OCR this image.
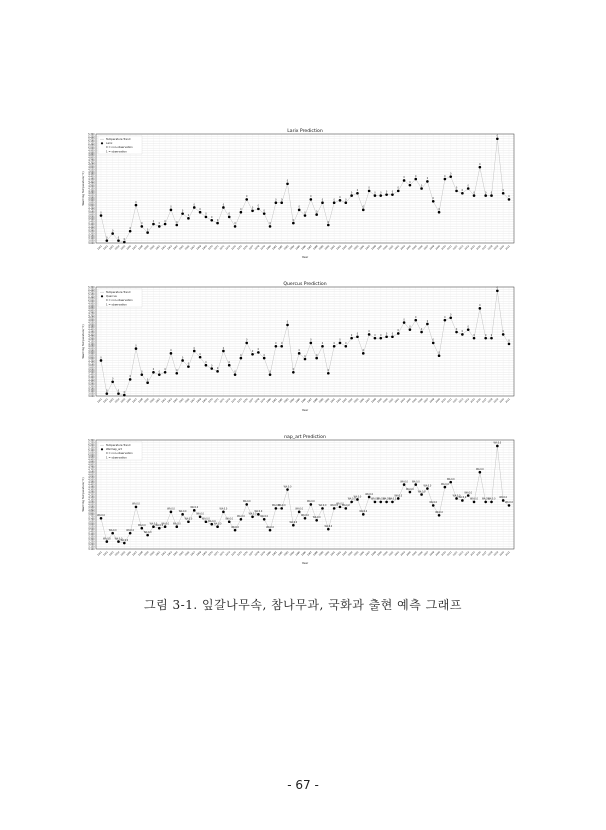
Larix Prediction
3.000
3.050
3.100
3.150
3.200
3.250
3.300
3.350
3.400
3.450
3.500
3.550
3.600
3.650
3.700
3.750
3.800
3.850
3.900
3.950
4.000
4.050
4.100
4.150
4.200
4.250
4.300
4.350
4.400
4.450
4.500
4.550
4.600
4.650
4.700
4.750
4.800
4.850
4.900
4.950
5.000
5.050
5.100
5.150
5.200
5.250
5.300
1951 1952 1953 1954 1955 1956 1957 1958 1959 1960 1961 1962 1963 1964 1965 1966 1967 1968 1969 1970 1971 1972 1973 1974 1975 1976 1977 1978 1979 1980 1981 1982 1983 1984 1985 1986 1987 1988 1989 1990 1991 1992 1993 1994 1995 1996 1997 1998 1999 2000 2001 2002 2003 2004 2005 2006 2007 2008 2009 2010 2011 2012 2013 2014 2015 2016 2017 2018 2019 2020 2021
Year
Warming Temperature(°C)
0
0
0
0 0
0
0
0
0
0
0
0
0
0
0
0
0
0
0
0
0
0
0
0
0
0
0
0
0
0
0 0
0
0
0
0
0
0
0
0
0
0
0
0
0
0
0
0 0 0 0
0
0
0
0
0
0
0
0
0
0
0
0
0
0
0
0 0
0
0
0
Temperature Trend
Larix
0 = non-observation
1 = observation
Quercus Prediction
3.000
3.050
3.100
3.150
3.200
3.250
3.300
3.350
3.400
3.450
3.500
3.550
3.600
3.650
3.700
3.750
3.800
3.850
3.900
3.950
4.000
4.050
4.100
4.150
4.200
4.250
4.300
4.350
4.400
4.450
4.500
4.550
4.600
4.650
4.700
4.750
4.800
4.850
4.900
4.950
5.000
5.050
5.100
5.150
5.200
5.250
5.300
1951 1952 1953 1954 1955 1956 1957 1958 1959 1960 1961 1962 1963 1964 1965 1966 1967 1968 1969 1970 1971 1972 1973 1974 1975 1976 1977 1978 1979 1980 1981 1982 1983 1984 1985 1986 1987 1988 1989 1990 1991 1992 1993 1994 1995 1996 1997 1998 1999 2000 2001 2002 2003 2004 2005 2006 2007 2008 2009 2010 2011 2012 2013 2014 2015 2016 2017 2018 2019 2020 2021
Year
Warming Temperature(°C)	0
0
0
0 0
0
0
0
0
0
0
0
0
0
0
0
0
0
0
0
0
0
0
0
0
0
0
0
0
0
0 0
0
0
0
0
0
0
0
0
0
0
0
0 0
0
0
0 0 0 0
0
0
0
0
0
0
0
0
0
0
0
0
0
0
0
0 0
0
0
0
Temperature Trend
Quercus
0 = non-observation
1 = observation
nap_art Prediction
3.100
3.150
3.200
3.250
3.300
3.350
3.400
3.450
3.500
3.550
3.600
3.650
3.700
3.750
3.800
3.850
3.900
3.950
4.000
4.050
4.100
4.150
4.200
4.250
4.300
4.350
4.400
4.450
4.500
4.550
4.600
4.650
4.700
4.750
4.800
4.850
4.900
4.950
5.000
5.050
5.100
5.150
5.200
5.250
5.300
1951 1952 1953 1954 1955 1956 1957 1958 1959 1960 1961 1962 1963 1964 1965 1966 1967 1968 1969 1970 1971 1972 1973 1974 1975 1976 1977 1978 1979 1980 1981 1982 1983 1984 1985 1986 1987 1988 1989 1990 1991 1992 1993 1994 1995 1996 1997 1998 1999 2000 2001 2002 2003 2004 2005 2006 2007 2008 2009 2010 2011 2012 2013 2014 2015 2016 2017 2018 2019 2020 2021
Year
Warming Temperature(°C)
WA:0.0
WA:0.0
WA:0.0
WA:0.0
WA:0.0
WA:0.0
WA:0.0
WA:0.0
WA:0.0
WA:0.0
WA:0.0
WA:0.0
WA:0.0
WA:0.0
WA:0.0
WA:0.0
WA:0.0
WA:0.0
WA:0.0
WA:0.0
WA:0.0
WA:0.0
WA:0.0
WA:0.0
WA:0.0
WA:0.0
WA:0.0
WA:0.0
WA:0.0
WA:0.0
WA:0.0
WA:0.0
WA:0.0
WA:0.0
WA:0.0
WA:0.0
WA:0.0
WA:0.0
WA:0.0
WA:0.0
WA:0.0
WA:0.0
WA:0.0
WA:0.0
WA:0.0
WA:0.0
WA:0.0
WA:0.0
WA:0.0
WA:0.0
WA:0.0
WA:0.0
WA:0.0
WA:0.0
WA:0.0
WA:0.0
WA:0.0
WA:0.0
WA:0.0
WA:0.0
WA:0.0
WA:0.0
WA:0.0
WA:0.0
WA:0.0
WA:0.0
WA:0.0
WA:0.0
WA:0.0
WA:0.0
WA:0.0
Temperature Trend
Warmap_art
0 = non-observation
1 = observation
그림 3-1. 잎갈나무속, 참나무과, 국화과 출현 예측 그래프
- 67 -
